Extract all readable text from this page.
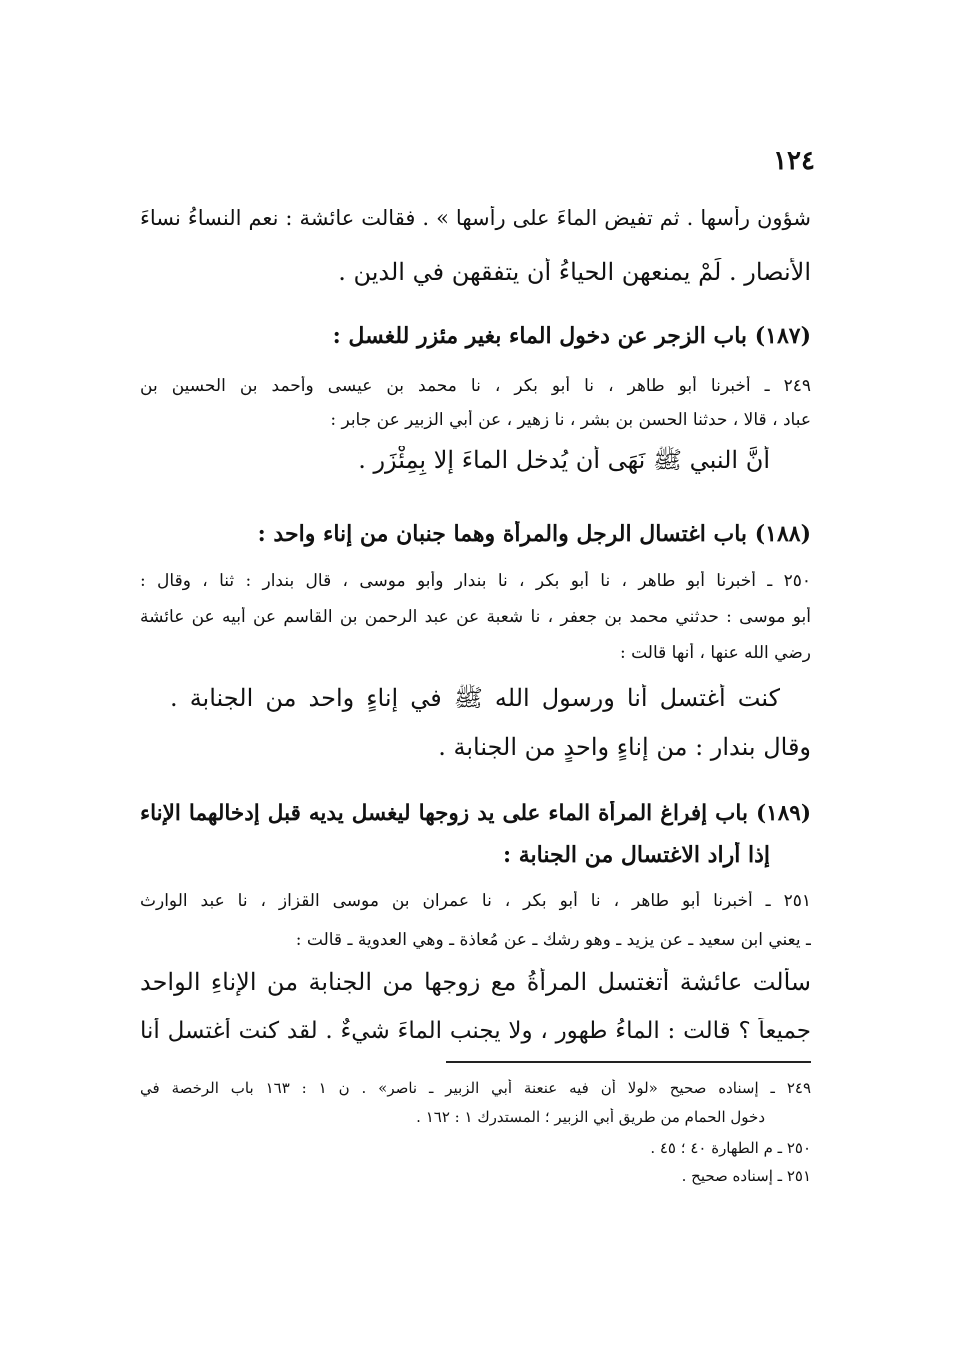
١٢٤
شؤون رأسها . ثم تفيض الماءَ على رأسها » . فقالت عائشة : نعم النساءُ نساءَ
الأنصار . لَمْ يمنعهن الحياءُ أن يتفقهن في الدين .
(١٨٧) باب الزجر عن دخول الماء بغير مئزر للغسل :
٢٤٩ ـ أخبرنا أبو طاهر ، نا أبو بكر ، نا محمد بن عيسى وأحمد بن الحسين بن
عباد ، قالا ، حدثنا الحسن بن بشر ، نا زهير ، عن أبي الزبير عن جابر :
أَنَّ النبي ﷺ نَهَى أن يُدخل الماءَ إلا بِمِئْزَر .
(١٨٨) باب اغتسال الرجل والمرأة وهما جنبان من إناء واحد :
٢٥٠ ـ أخبرنا أبو طاهر ، نا أبو بكر ، نا بندار وأبو موسى ، قال بندار : ثنا ، وقال :
أبو موسى : حدثني محمد بن جعفر ، نا شعبة عن عبد الرحمن بن القاسم عن أبيه عن عائشة
رضي الله عنها ، أنها قالت :
كنت أغتسل أنا ورسول الله ﷺ في إناءٍ واحد من الجنابة .
وقال بندار : من إناءٍ واحدٍ من الجنابة .
(١٨٩) باب إفراغ المرأة الماء على يد زوجها ليغسل يديه قبل إدخالهما الإناء
إذا أراد الاغتسال من الجنابة :
٢٥١ ـ أخبرنا أبو طاهر ، نا أبو بكر ، نا عمران بن موسى القزاز ، نا عبد الوارث
ـ يعني ابن سعيد ـ عن يزيد ـ وهو رشك ـ عن مُعاذة ـ وهي العدوية ـ قالت :
سألت عائشة أتغتسل المرأةُ مع زوجها من الجنابة من الإناءِ الواحد
جميعاً ؟ قالت : الماءُ طهور ، ولا يجنب الماءَ شيءٌ . لقد كنت أغتسل أنا
٢٤٩ ـ إسناده صحيح «لولا أن فيه عنعنة أبي الزبير ـ ناصر» . ن ١ : ١٦٣ باب الرخصة في
دخول الحمام من طريق أبي الزبير ؛ المستدرك ١ : ١٦٢ .
٢٥٠ ـ م الطهارة ٤٠ ؛ ٤٥ .
٢٥١ ـ إسناده صحيح .
